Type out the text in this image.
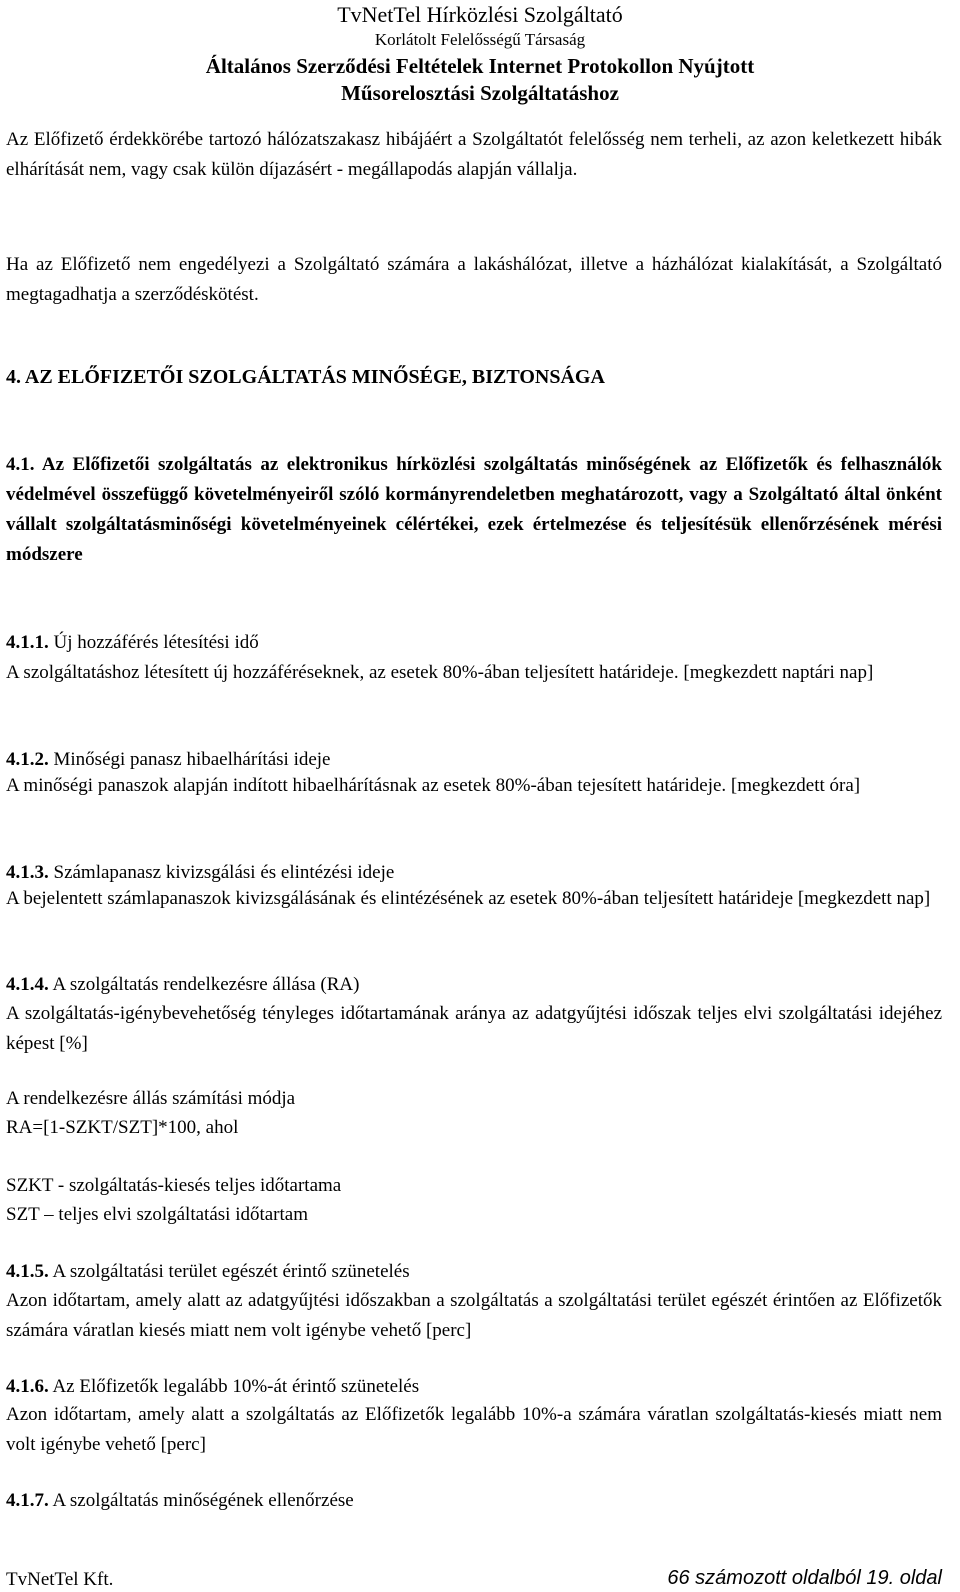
TvNetTel Hírközlési Szolgáltató
Korlátolt Felelősségű Társaság
Általános Szerződési Feltételek Internet Protokollon Nyújtott
Műsorelosztási Szolgáltatáshoz

Az Előfizető érdekkörébe tartozó hálózatszakasz hibájáért a Szolgáltatót felelősség nem terheli, az azon keletkezett hibák elhárítását nem, vagy csak külön díjazásért - megállapodás alapján vállalja.

Ha az Előfizető nem engedélyezi a Szolgáltató számára a lakáshálózat, illetve a házhálózat kialakítását, a Szolgáltató megtagadhatja a szerződéskötést.

4. AZ ELŐFIZETŐI SZOLGÁLTATÁS MINŐSÉGE, BIZTONSÁGA

4.1. Az Előfizetői szolgáltatás az elektronikus hírközlési szolgáltatás minőségének az Előfizetők és felhasználók védelmével összefüggő követelményeiről szóló kormányrendeletben meghatározott, vagy a Szolgáltató által önként vállalt szolgáltatásminőségi követelményeinek célértékei, ezek értelmezése és teljesítésük ellenőrzésének mérési módszere

4.1.1. Új hozzáférés létesítési idő

A szolgáltatáshoz létesített új hozzáféréseknek, az esetek 80%-ában teljesített határideje. [megkezdett naptári nap]

4.1.2. Minőségi panasz hibaelhárítási ideje

A minőségi panaszok alapján indított hibaelhárításnak az esetek 80%-ában tejesített határideje. [megkezdett óra]

4.1.3. Számlapanasz kivizsgálási és elintézési ideje

A bejelentett számlapanaszok kivizsgálásának és elintézésének az esetek 80%-ában teljesített határideje [megkezdett nap]

4.1.4. A szolgáltatás rendelkezésre állása (RA)

A szolgáltatás-igénybevehetőség tényleges időtartamának aránya az adatgyűjtési időszak teljes elvi szolgáltatási idejéhez képest [%]

A rendelkezésre állás számítási módja
RA=[1-SZKT/SZT]*100, ahol
SZKT - szolgáltatás-kiesés teljes időtartama
SZT – teljes elvi szolgáltatási időtartam
4.1.5. A szolgáltatási terület egészét érintő szünetelés

Azon időtartam, amely alatt az adatgyűjtési időszakban a szolgáltatás a szolgáltatási terület egészét érintően az Előfizetők számára váratlan kiesés miatt nem volt igénybe vehető [perc]

4.1.6. Az Előfizetők legalább 10%-át érintő szünetelés

Azon időtartam, amely alatt a szolgáltatás az Előfizetők legalább 10%-a számára váratlan szolgáltatás-kiesés miatt nem volt igénybe vehető [perc]

4.1.7. A szolgáltatás minőségének ellenőrzése
TvNetTel Kft.	66 számozott oldalból 19. oldal
